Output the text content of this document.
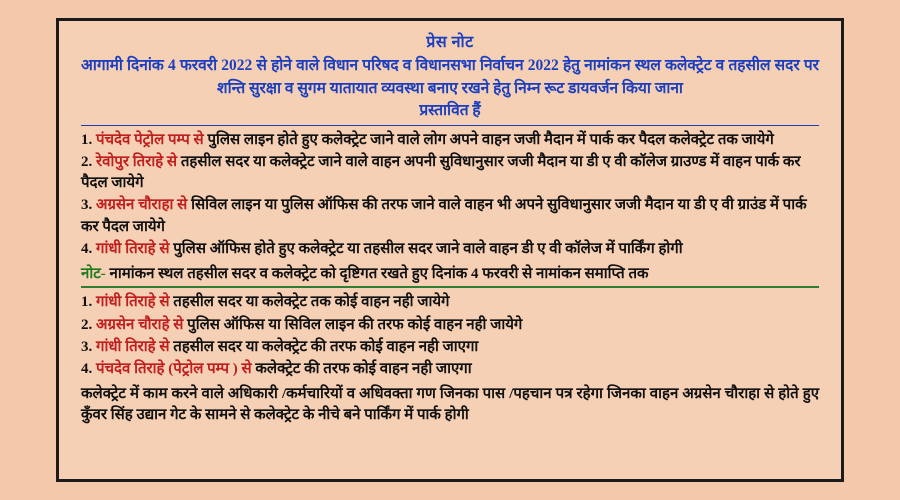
प्रेस नोट
आगामी दिनांक 4 फरवरी 2022 से होने वाले विधान परिषद व विधानसभा निर्वाचन 2022 हेतु नामांकन स्थल कलेक्ट्रेट व तहसील सदर पर शन्ति सुरक्षा व सुगम यातायात व्यवस्था बनाए रखने हेतु निम्न रूट डायवर्जन किया जाना
प्रस्तावित हैं
1. पंचदेव पेट्रोल पम्प से पुलिस लाइन होते हुए कलेक्ट्रेट जाने वाले लोग अपने वाहन जजी मैदान में पार्क कर पैदल कलेक्ट्रेट तक जायेगे
2. रेवोपुर तिराहे से तहसील सदर या कलेक्ट्रेट जाने वाले वाहन अपनी सुविधानुसार जजी मैदान या डी ए वी कॉलेज ग्राउण्ड में वाहन पार्क कर पैदल जायेगे
3. अग्रसेन चौराहा से सिविल लाइन या पुलिस ऑफिस की तरफ जाने वाले वाहन भी अपने सुविधानुसार जजी मैदान या डी ए वी ग्राउंड में पार्क कर पैदल जायेगे
4. गांधी तिराहे से पुलिस ऑफिस होते हुए कलेक्ट्रेट या तहसील सदर जाने वाले वाहन डी ए वी कॉलेज में पार्किंग होगी
नोट- नामांकन स्थल तहसील सदर व कलेक्ट्रेट को दृष्टिगत रखते हुए दिनांक 4 फरवरी से नामांकन समाप्ति तक
1. गांधी तिराहे से तहसील सदर या कलेक्ट्रेट तक कोई वाहन नही जायेगे
2. अग्रसेन चौराहे से पुलिस ऑफिस या सिविल लाइन की तरफ कोई वाहन नही जायेगे
3. गांधी तिराहे से तहसील सदर या कलेक्ट्रेट की तरफ कोई वाहन नही जाएगा
4. पंचदेव तिराहे (पेट्रोल पम्प ) से कलेक्ट्रेट की तरफ कोई वाहन नही जाएगा
कलेक्ट्रेट में काम करने वाले अधिकारी /कर्मचारियों व अधिवक्ता गण जिनका पास /पहचान पत्र रहेगा जिनका वाहन अग्रसेन चौराहा से होते हुए कुँवर सिंह उद्यान गेट के सामने से कलेक्ट्रेट के नीचे बने पार्किंग में पार्क होगी
